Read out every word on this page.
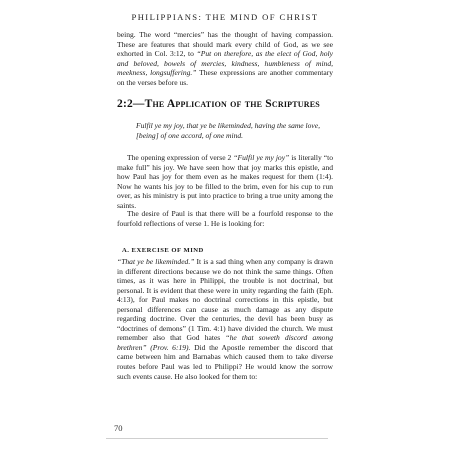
PHILIPPIANS: THE MIND OF CHRIST

being. The word “mercies” has the thought of having compassion. These are features that should mark every child of God, as we see exhorted in Col. 3:12, to “Put on therefore, as the elect of God, holy and beloved, bowels of mercies, kindness, humbleness of mind, meekness, longsuffering.” These expressions are another commentary on the verses before us.

2:2—The Application of the Scriptures

Fulfil ye my joy, that ye be likeminded, having the same love, [being] of one accord, of one mind.

The opening expression of verse 2 “Fulfil ye my joy” is literally “to make full” his joy. We have seen how that joy marks this epistle, and how Paul has joy for them even as he makes request for them (1:4). Now he wants his joy to be filled to the brim, even for his cup to run over, as his ministry is put into practice to bring a true unity among the saints.

The desire of Paul is that there will be a fourfold response to the fourfold reflections of verse 1. He is looking for:

A. EXERCISE OF MIND

“That ye be likeminded.” It is a sad thing when any company is drawn in different directions because we do not think the same things. Often times, as it was here in Philippi, the trouble is not doctrinal, but personal. It is evident that these were in unity regarding the faith (Eph. 4:13), for Paul makes no doctrinal corrections in this epistle, but personal differences can cause as much damage as any dispute regarding doctrine. Over the centuries, the devil has been busy as “doctrines of demons” (1 Tim. 4:1) have divided the church. We must remember also that God hates “he that soweth discord among brethren” (Prov. 6:19). Did the Apostle remember the discord that came between him and Barnabas which caused them to take diverse routes before Paul was led to Philippi? He would know the sorrow such events cause. He also looked for them to:

70
